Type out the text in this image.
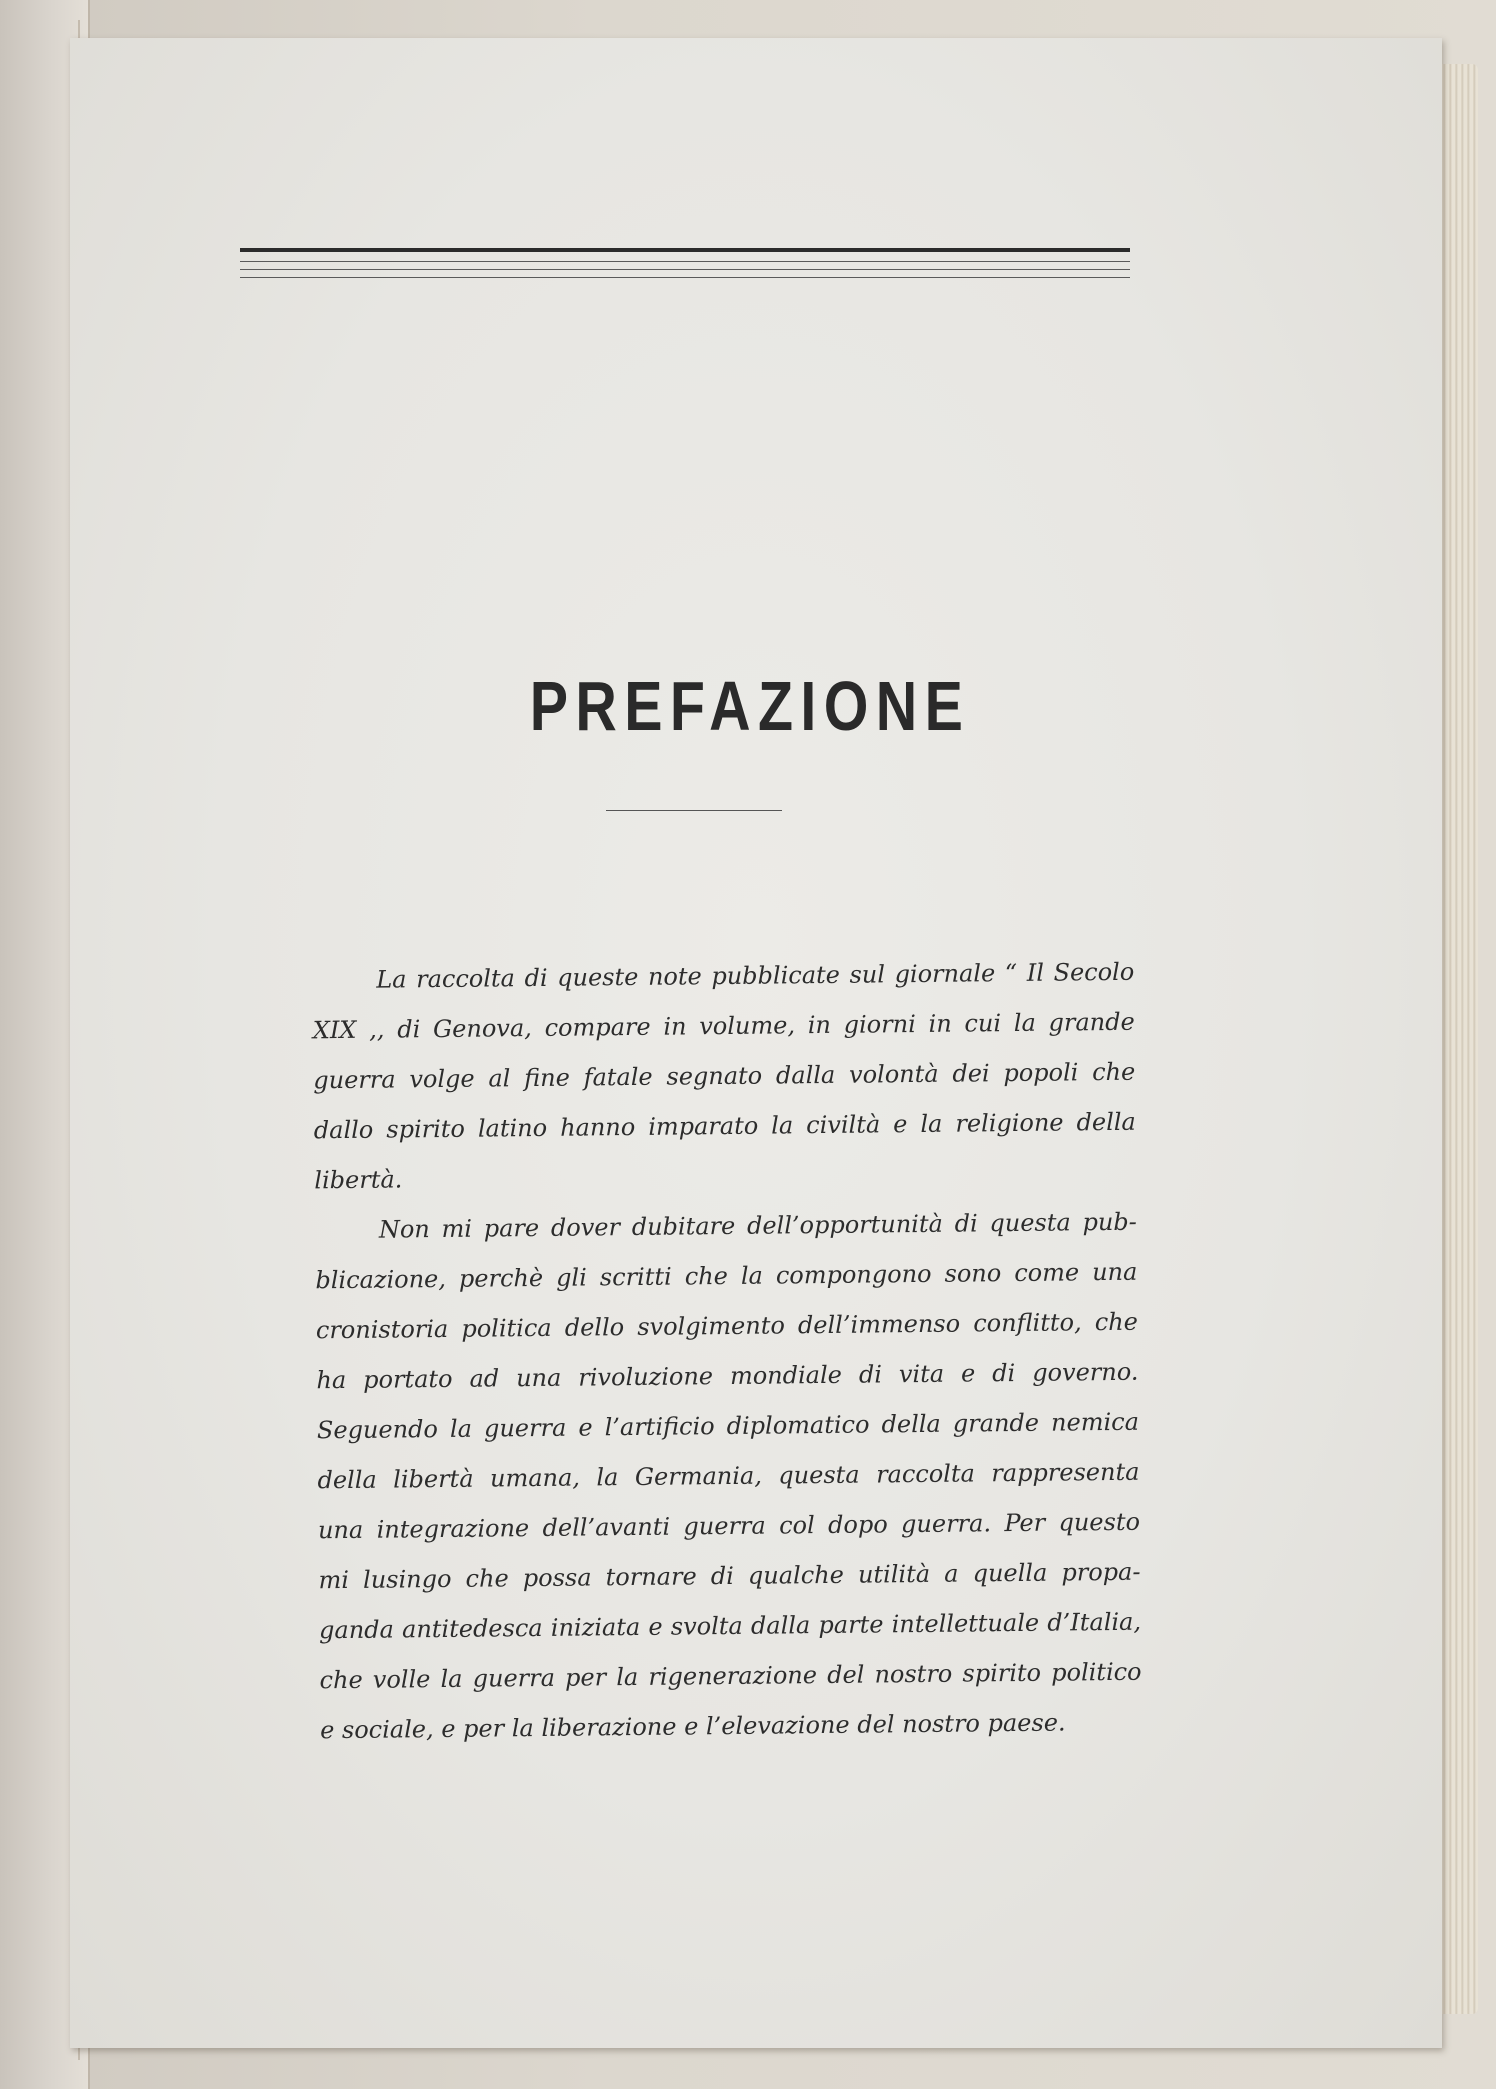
PREFAZIONE
La raccolta di queste note pubblicate sul giornale “ Il Secolo
XIX ,, di Genova, compare in volume, in giorni in cui la grande
guerra volge al fine fatale segnato dalla volontà dei popoli che
dallo spirito latino hanno imparato la civiltà e la religione della
libertà.
Non mi pare dover dubitare dell’opportunità di questa pub-
blicazione, perchè gli scritti che la compongono sono come una
cronistoria politica dello svolgimento dell’immenso conflitto, che
ha portato ad una rivoluzione mondiale di vita e di governo.
Seguendo la guerra e l’artificio diplomatico della grande nemica
della libertà umana, la Germania, questa raccolta rappresenta
una integrazione dell’avanti guerra col dopo guerra. Per questo
mi lusingo che possa tornare di qualche utilità a quella propa-
ganda antitedesca iniziata e svolta dalla parte intellettuale d’Italia,
che volle la guerra per la rigenerazione del nostro spirito politico
e sociale, e per la liberazione e l’elevazione del nostro paese.
